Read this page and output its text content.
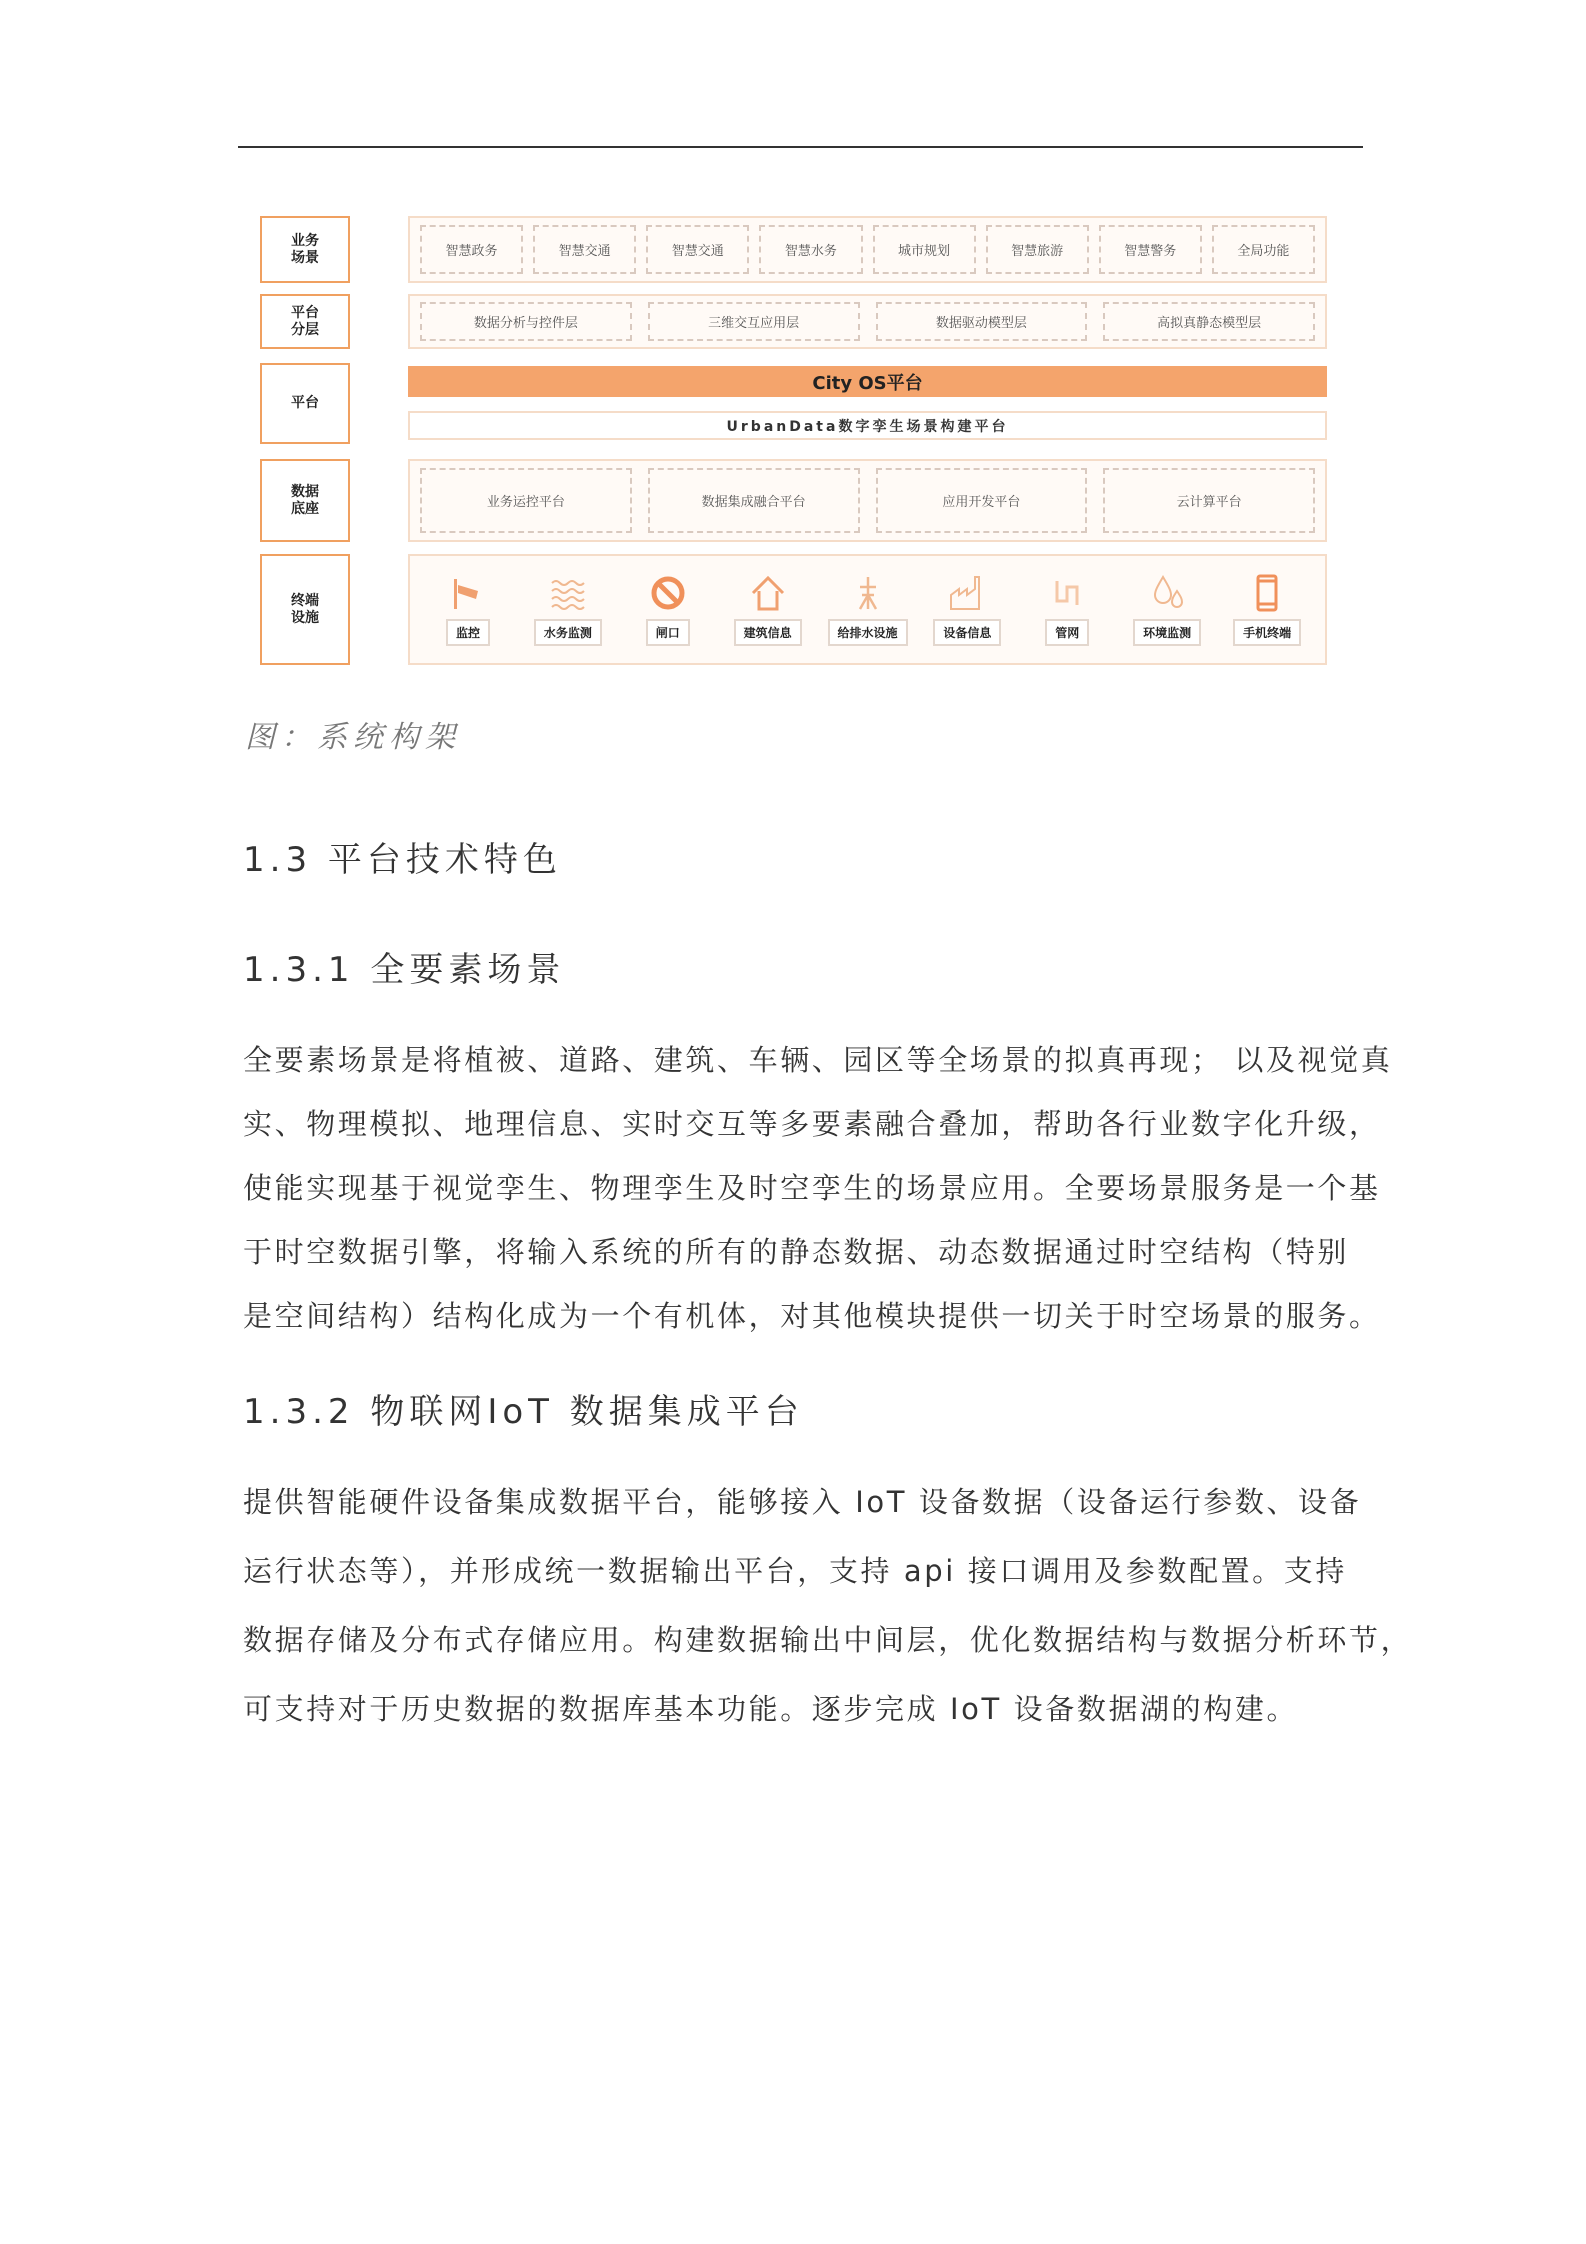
业务场景
平台分层
平台
数据底座
终端设施
智慧政务	智慧交通	智慧交通	智慧水务	城市规划	智慧旅游	智慧警务	全局功能
数据分析与控件层	三维交互应用层	数据驱动模型层	高拟真静态模型层
City OS平台
UrbanData数字孪生场景构建平台
业务运控平台	数据集成融合平台	应用开发平台	云计算平台
监控	水务监测	闸口	建筑信息	给排水设施	设备信息	管网	环境监测	手机终端
图：系统构架
1.3 平台技术特色
1.3.1 全要素场景
全要素场景是将植被、道路、建筑、车辆、园区等全场景的拟真再现； 以及视觉真
实、物理模拟、地理信息、实时交互等多要素融合叠加，帮助各行业数字化升级，
使能实现基于视觉孪生、物理孪生及时空孪生的场景应用。全要场景服务是一个基
于时空数据引擎，将输入系统的所有的静态数据、动态数据通过时空结构（特别
是空间结构）结构化成为一个有机体，对其他模块提供一切关于时空场景的服务。
1.3.2 物联网IoT 数据集成平台
提供智能硬件设备集成数据平台，能够接入 IoT 设备数据（设备运行参数、设备
运行状态等），并形成统一数据输出平台，支持 api 接口调用及参数配置。支持
数据存储及分布式存储应用。构建数据输出中间层，优化数据结构与数据分析环节，
可支持对于历史数据的数据库基本功能。逐步完成 IoT 设备数据湖的构建。
